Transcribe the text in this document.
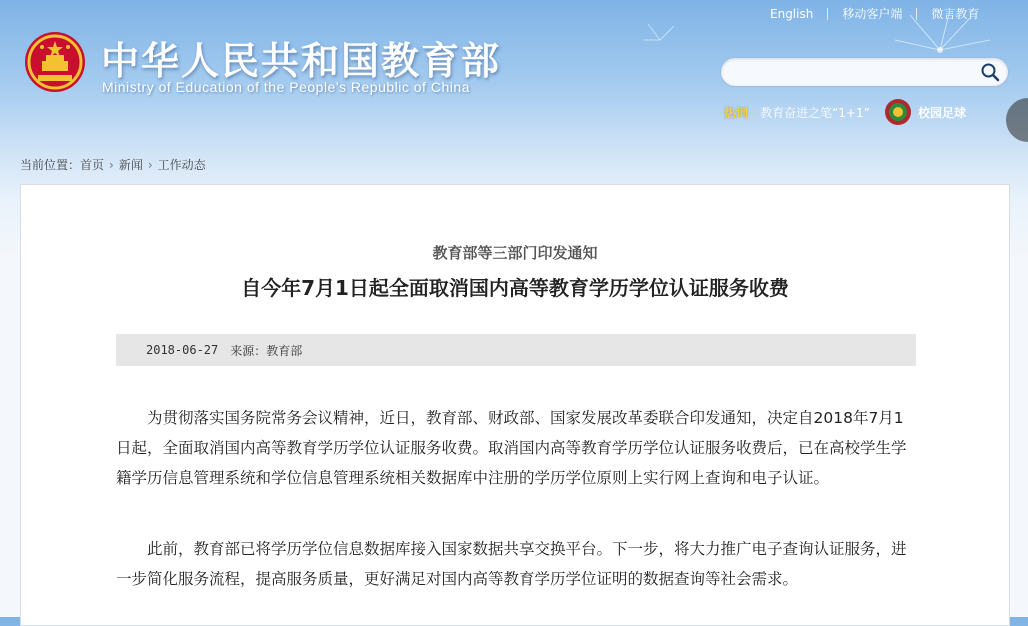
中华人民共和国教育部
Ministry of Education of the People's Republic of China
English 移动客户端 微言教育
热词 : 教育奋进之笔“1+1”	校园足球
当前位置： 首页 › 新闻 › 工作动态
教育部等三部门印发通知
自今年7月1日起全面取消国内高等教育学历学位认证服务收费
2018-06-27 来源： 教育部

为贯彻落实国务院常务会议精神，近日，教育部、财政部、国家发展改革委联合印发通知，决定自2018年7月1日起，全面取消国内高等教育学历学位认证服务收费。取消国内高等教育学历学位认证服务收费后，已在高校学生学籍学历信息管理系统和学位信息管理系统相关数据库中注册的学历学位原则上实行网上查询和电子认证。

此前，教育部已将学历学位信息数据库接入国家数据共享交换平台。下一步，将大力推广电子查询认证服务，进一步简化服务流程，提高服务质量，更好满足对国内高等教育学历学位证明的数据查询等社会需求。
